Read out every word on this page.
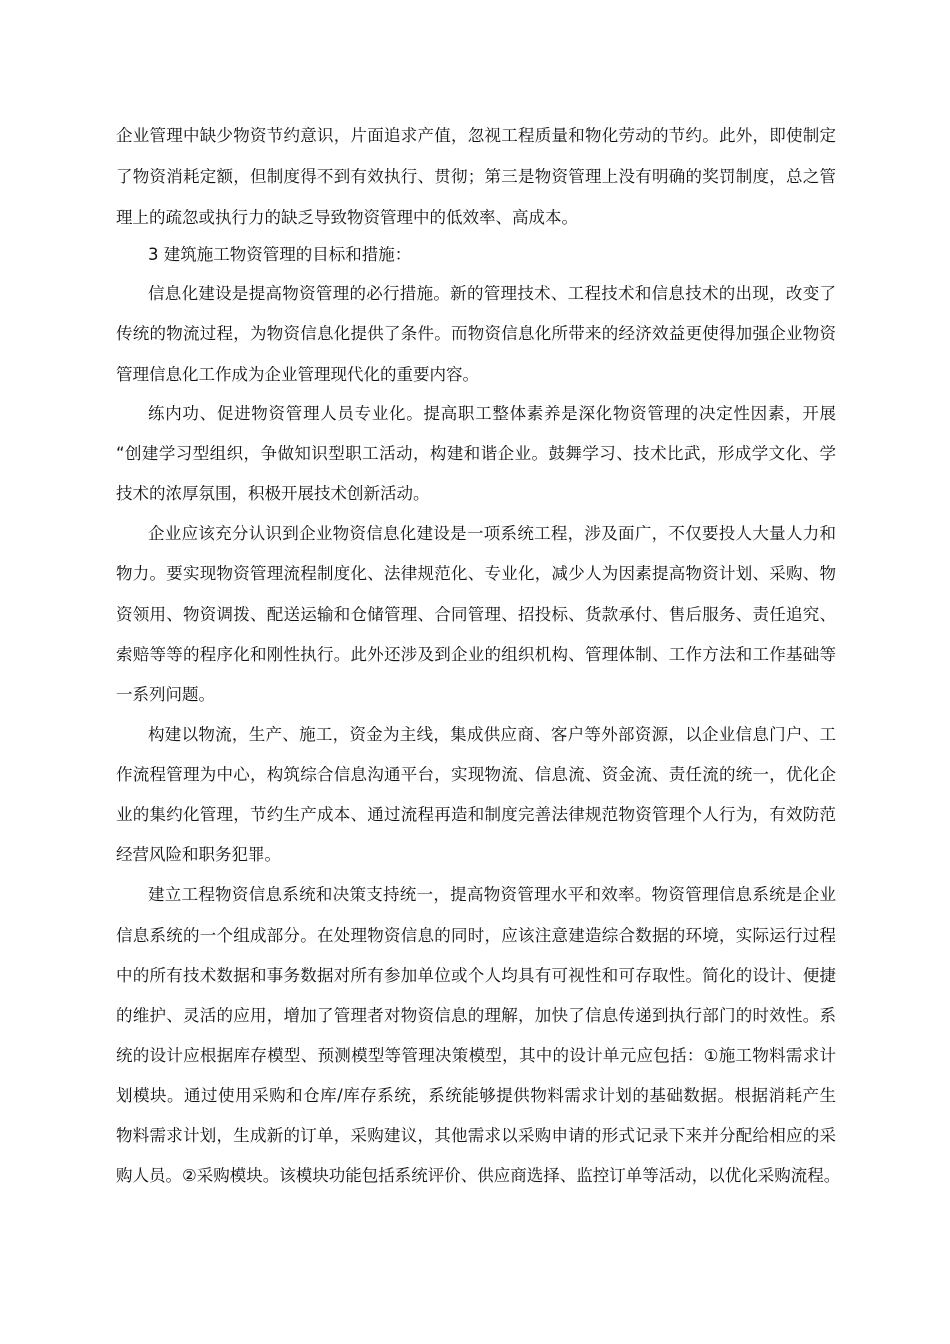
企业管理中缺少物资节约意识，片面追求产值，忽视工程质量和物化劳动的节约。此外，即使制定
了物资消耗定额，但制度得不到有效执行、贯彻；第三是物资管理上没有明确的奖罚制度，总之管
理上的疏忽或执行力的缺乏导致物资管理中的低效率、高成本。
3 建筑施工物资管理的目标和措施：
信息化建设是提高物资管理的必行措施。新的管理技术、工程技术和信息技术的出现，改变了
传统的物流过程，为物资信息化提供了条件。而物资信息化所带来的经济效益更使得加强企业物资
管理信息化工作成为企业管理现代化的重要内容。
练内功、促进物资管理人员专业化。提高职工整体素养是深化物资管理的决定性因素，开展
“创建学习型组织，争做知识型职工活动，构建和谐企业。鼓舞学习、技术比武，形成学文化、学
技术的浓厚氛围，积极开展技术创新活动。
企业应该充分认识到企业物资信息化建设是一项系统工程，涉及面广，不仅要投人大量人力和
物力。要实现物资管理流程制度化、法律规范化、专业化，减少人为因素提高物资计划、采购、物
资领用、物资调拨、配送运输和仓储管理、合同管理、招投标、货款承付、售后服务、责任追究、
索赔等等的程序化和刚性执行。此外还涉及到企业的组织机构、管理体制、工作方法和工作基础等
一系列问题。
构建以物流，生产、施工，资金为主线，集成供应商、客户等外部资源，以企业信息门户、工
作流程管理为中心，构筑综合信息沟通平台，实现物流、信息流、资金流、责任流的统一，优化企
业的集约化管理，节约生产成本、通过流程再造和制度完善法律规范物资管理个人行为，有效防范
经营风险和职务犯罪。
建立工程物资信息系统和决策支持统一，提高物资管理水平和效率。物资管理信息系统是企业
信息系统的一个组成部分。在处理物资信息的同时，应该注意建造综合数据的环境，实际运行过程
中的所有技术数据和事务数据对所有参加单位或个人均具有可视性和可存取性。简化的设计、便捷
的维护、灵活的应用，增加了管理者对物资信息的理解，加快了信息传递到执行部门的时效性。系
统的设计应根据库存模型、预测模型等管理决策模型，其中的设计单元应包括：①施工物料需求计
划模块。通过使用采购和仓库/库存系统，系统能够提供物料需求计划的基础数据。根据消耗产生
物料需求计划，生成新的订单，采购建议，其他需求以采购申请的形式记录下来并分配给相应的采
购人员。②采购模块。该模块功能包括系统评价、供应商选择、监控订单等活动，以优化采购流程。
